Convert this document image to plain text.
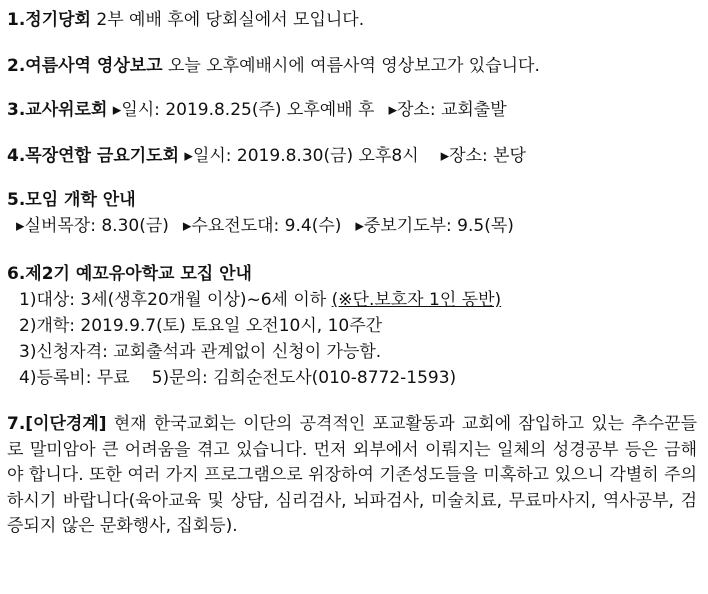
1.정기당회 2부 예배 후에 당회실에서 모입니다.
2.여름사역 영상보고 오늘 오후예배시에 여름사역 영상보고가 있습니다.
3.교사위로회 ▸일시: 2019.8.25(주) 오후예배 후 ▸장소: 교회출발
4.목장연합 금요기도회 ▸일시: 2019.8.30(금) 오후8시 ▸장소: 본당
5.모임 개학 안내
▸실버목장: 8.30(금) ▸수요전도대: 9.4(수) ▸중보기도부: 9.5(목)
6.제2기 예꼬유아학교 모집 안내
1)대상: 3세(생후20개월 이상)~6세 이하 (※단.보호자 1인 동반)
2)개학: 2019.9.7(토) 토요일 오전10시, 10주간
3)신청자격: 교회출석과 관계없이 신청이 가능함.
4)등록비: 무료 5)문의: 김희순전도사(010-8772-1593)
7.[이단경계] 현재 한국교회는 이단의 공격적인 포교활동과 교회에 잠입하고 있는 추수꾼들로 말미암아 큰 어려움을 겪고 있습니다. 먼저 외부에서 이뤄지는 일체의 성경공부 등은 금해야 합니다. 또한 여러 가지 프로그램으로 위장하여 기존성도들을 미혹하고 있으니 각별히 주의하시기 바랍니다(육아교육 및 상담, 심리검사, 뇌파검사, 미술치료, 무료마사지, 역사공부, 검증되지 않은 문화행사, 집회등).
